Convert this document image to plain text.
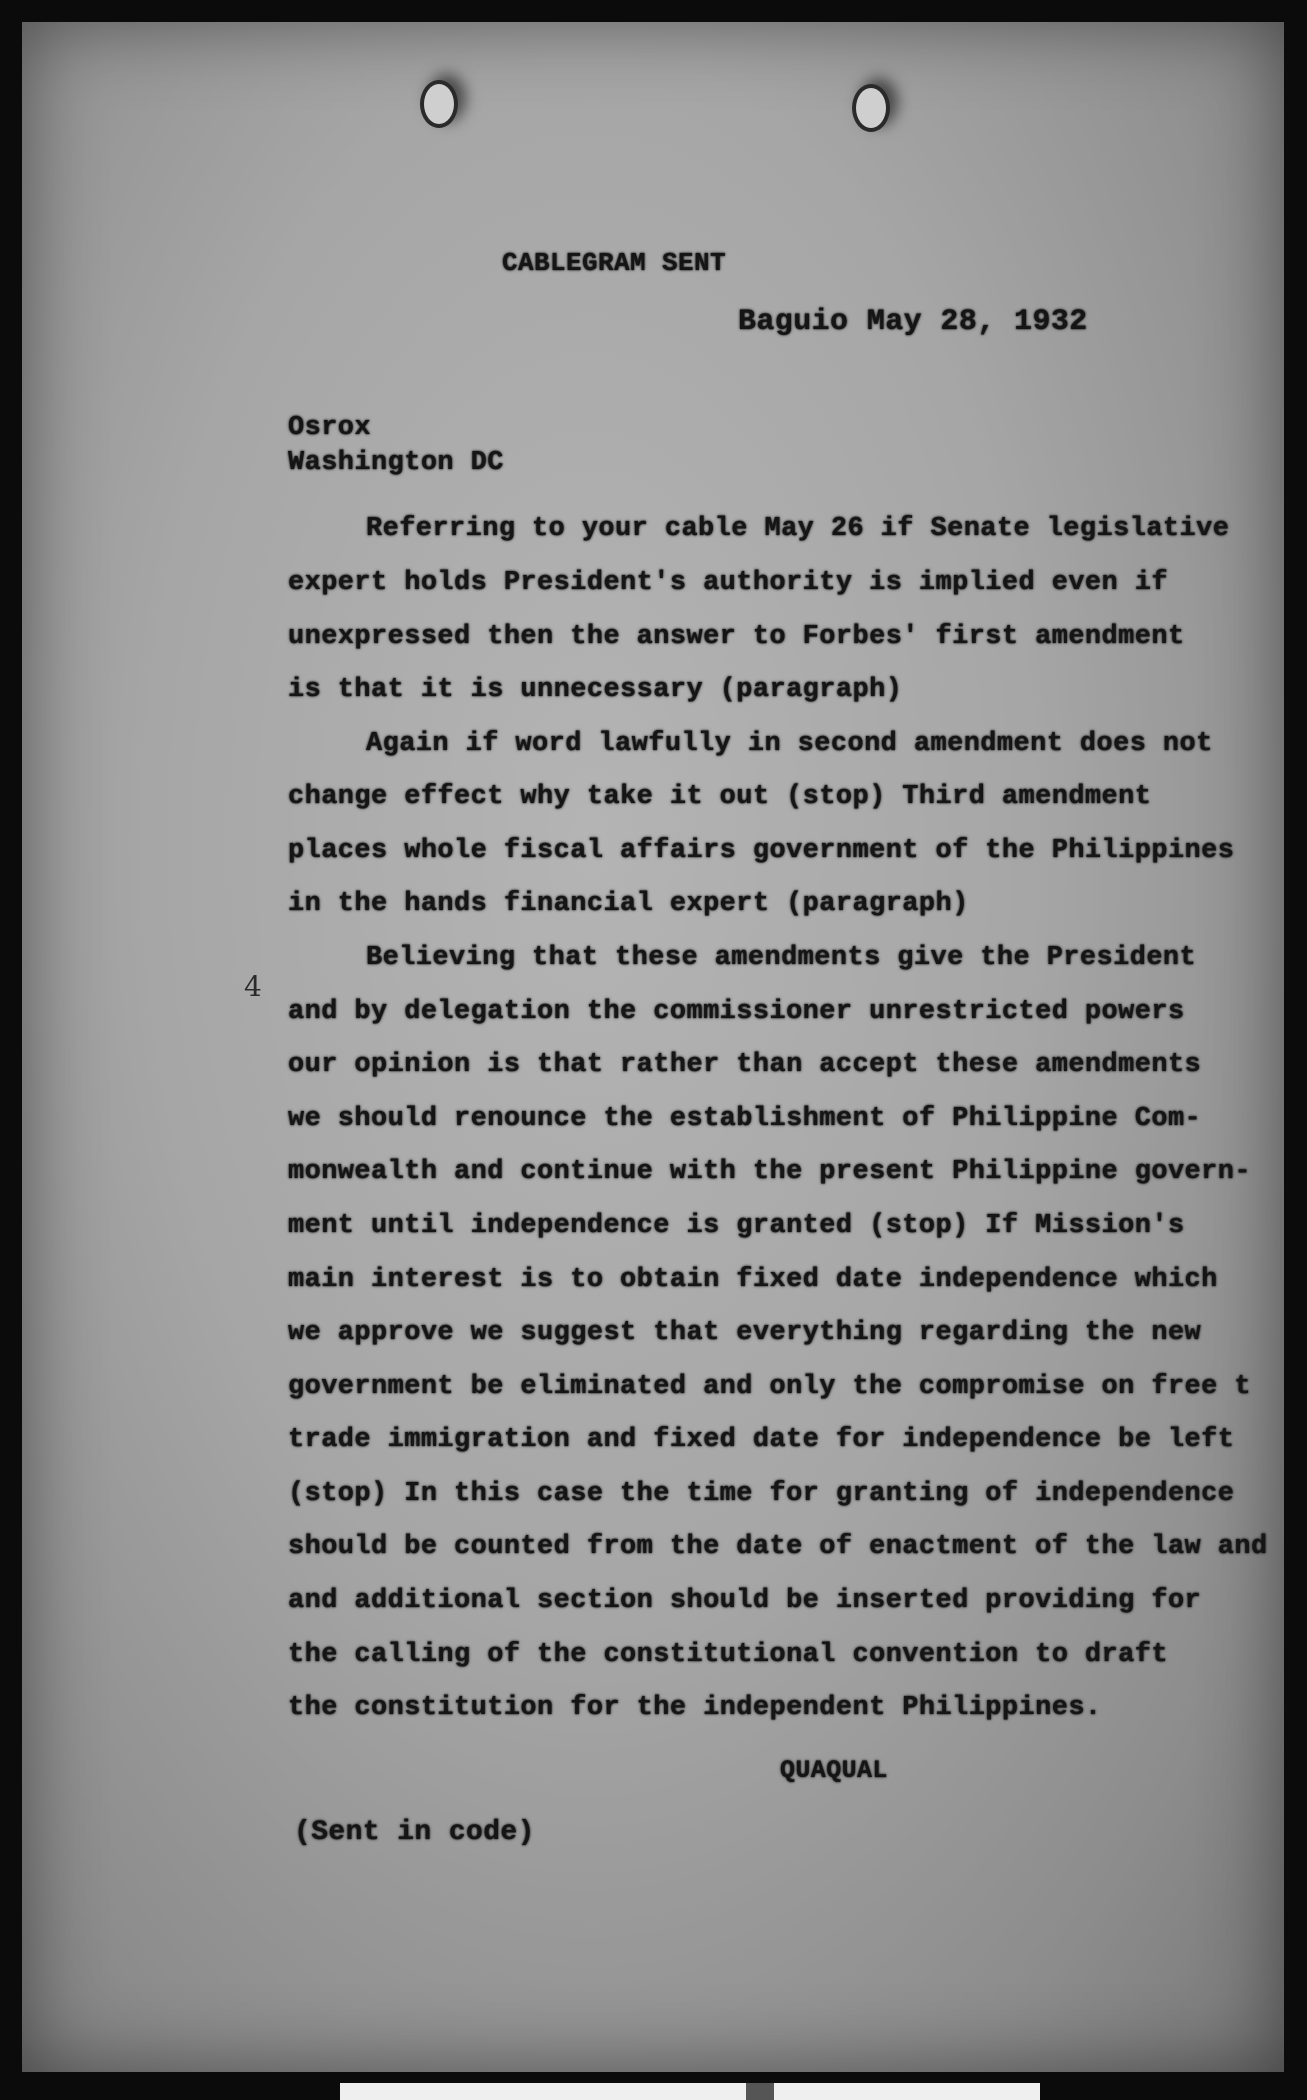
CABLEGRAM SENT
Baguio May 28, 1932
Osrox
Washington DC
Referring to your cable May 26 if Senate legislative
expert holds President's authority is implied even if
unexpressed then the answer to Forbes' first amendment
is that it is unnecessary (paragraph)
Again if word lawfully in second amendment does not
change effect why take it out (stop) Third amendment
places whole fiscal affairs government of the Philippines
in the hands financial expert (paragraph)
Believing that these amendments give the President
and by delegation the commissioner unrestricted powers
our opinion is that rather than accept these amendments
we should renounce the establishment of Philippine Com-
monwealth and continue with the present Philippine govern-
ment until independence is granted (stop) If Mission's
main interest is to obtain fixed date independence which
we approve we suggest that everything regarding the new
government be eliminated and only the compromise on free t
trade immigration and fixed date for independence be left
(stop) In this case the time for granting of independence
should be counted from the date of enactment of the law and
and additional section should be inserted providing for
the calling of the constitutional convention to draft
the constitution for the independent Philippines.
4
QUAQUAL
(Sent in code)
